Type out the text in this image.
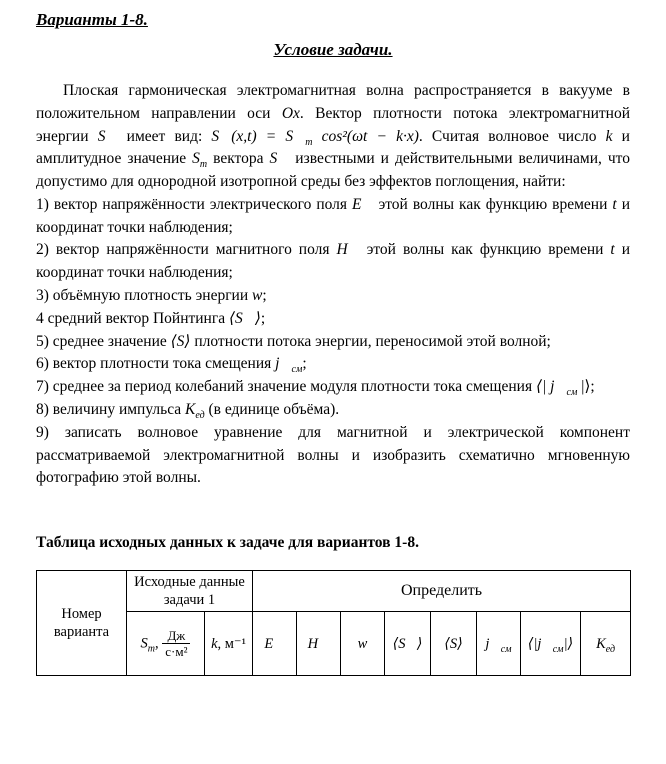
Варианты 1-8.
Условие задачи.

Плоская гармоническая электромагнитная волна распространяется в вакууме в положительном направлении оси Ox. Вектор плотности потока электромагнитной энергии S⃗ имеет вид: S⃗(x,t) = $S⃗_m$ cos²(ωt − k·x). Считая волновое число k и амплитудное значение $S_m$ вектора S⃗ известными и действительными величинами, что допустимо для однородной изотропной среды без эффектов поглощения, найти:

1) вектор напряжённости электрического поля E⃗ этой волны как функцию времени t и координат точки наблюдения;

2) вектор напряжённости магнитного поля H⃗ этой волны как функцию времени t и координат точки наблюдения;

3) объёмную плотность энергии w;

4 средний вектор Пойнтинга ⟨S⃗⟩;

5) среднее значение ⟨S⟩ плотности потока энергии, переносимой этой волной;

6) вектор плотности тока смещения $j⃗_{см}$;

7) среднее за период колебаний значение модуля плотности тока смещения ⟨| $j⃗_{см}$ |⟩;

8) величину импульса $K_{ед}$ (в единице объёма).

9) записать волновое уравнение для магнитной и электрической компонент рассматриваемой электромагнитной волны и изобразить схематично мгновенную фотографию этой волны.

Таблица исходных данных к задаче для вариантов 1-8.

Номер варианта	Исходные данные задачи 1		Определить							
	$S_m$, $\frac{Дж}{\text{с·м²}}$	k, м⁻¹	E⃗	H⃗	w	⟨S⃗⟩	⟨S⟩	$j⃗_{см}$	$⟨|j⃗_{см}|⟩$	$K_{ед}$
